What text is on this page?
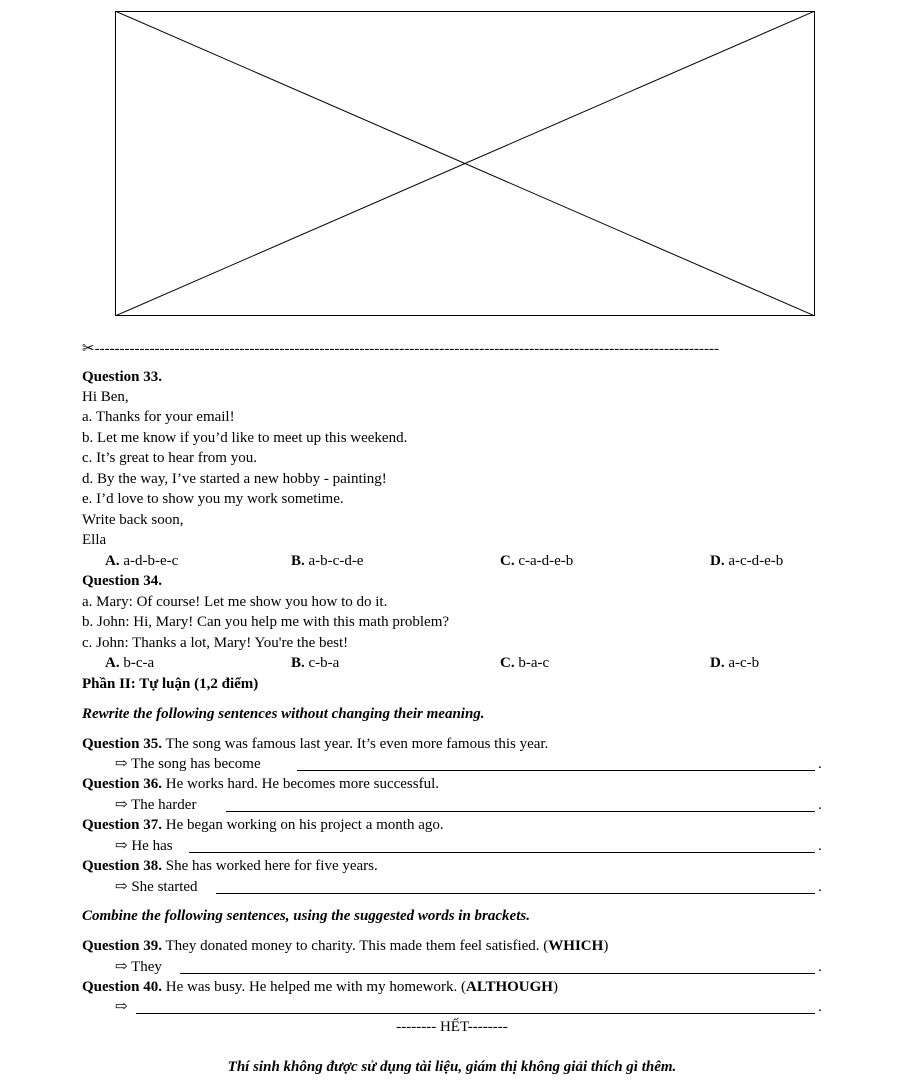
✂-----------------------------------------------------------------------------------------------------------------------------
Question 33.
Hi Ben,
a. Thanks for your email!
b. Let me know if you’d like to meet up this weekend.
c. It’s great to hear from you.
d. By the way, I’ve started a new hobby - painting!
e. I’d love to show you my work sometime.
Write back soon,
Ella
A. a-d-b-e-c	B. a-b-c-d-e	C. c-a-d-e-b	D. a-c-d-e-b
Question 34.
a. Mary: Of course! Let me show you how to do it.
b. John: Hi, Mary! Can you help me with this math problem?
c. John: Thanks a lot, Mary! You're the best!
A. b-c-a	B. c-b-a	C. b-a-c	D. a-c-b
Phần II: Tự luận (1,2 điểm)
Rewrite the following sentences without changing their meaning.
Question 35. The song was famous last year. It’s even more famous this year.
⇨ The song has become	.
Question 36. He works hard. He becomes more successful.
⇨ The harder	.
Question 37. He began working on his project a month ago.
⇨ He has	.
Question 38. She has worked here for five years.
⇨ She started	.
Combine the following sentences, using the suggested words in brackets.
Question 39. They donated money to charity. This made them feel satisfied. (WHICH)
⇨ They	.
Question 40. He was busy. He helped me with my homework. (ALTHOUGH)
⇨	.
-------- HẾT--------
Thí sinh không được sử dụng tài liệu, giám thị không giải thích gì thêm.
